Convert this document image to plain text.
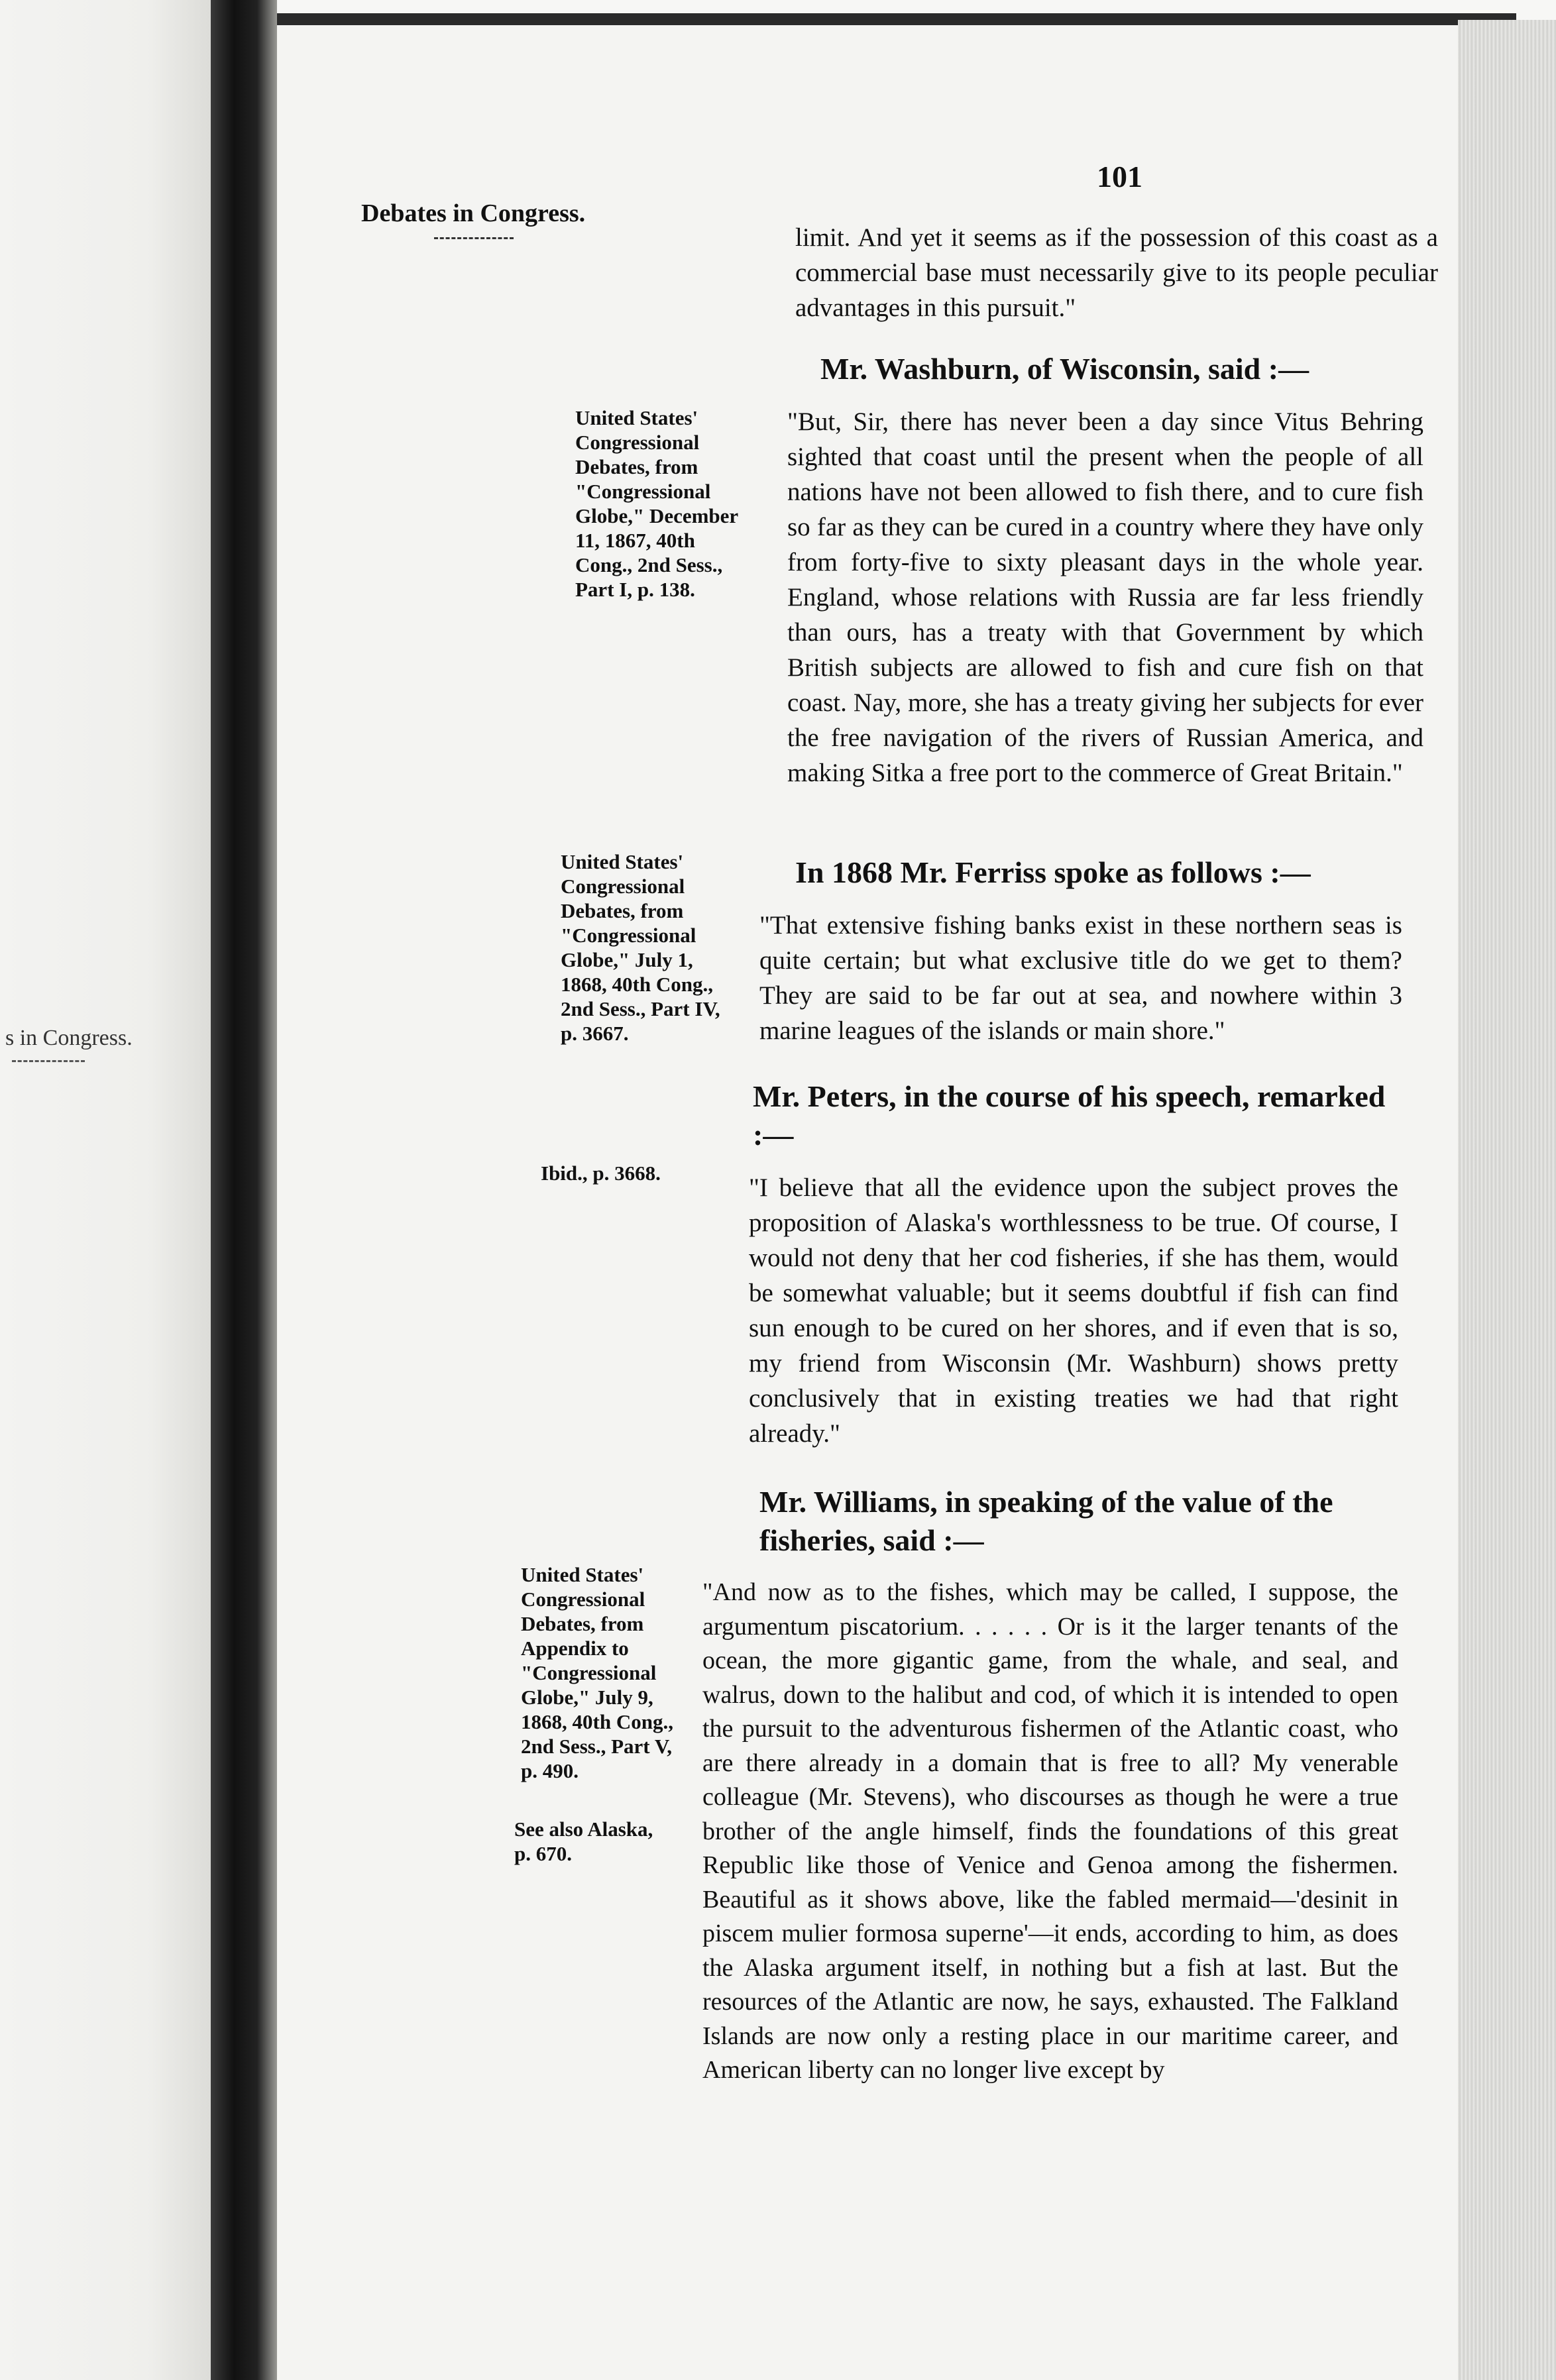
s in Congress.
Debates in Congress.
101
United States'
Congressional
Debates, from
"Congressional
Globe," December
11, 1867, 40th
Cong., 2nd Sess.,
Part I, p. 138.
United States'
Congressional
Debates, from
"Congressional
Globe," July 1,
1868, 40th Cong.,
2nd Sess., Part IV,
p. 3667.
Ibid., p. 3668.
United States'
Congressional
Debates, from
Appendix to
"Congressional
Globe," July 9,
1868, 40th Cong.,
2nd Sess., Part V,
p. 490.
See also Alaska,
p. 670.
limit. And yet it seems as if the possession of this coast as a commercial base must necessarily give to its people peculiar advantages in this pursuit."
Mr. Washburn, of Wisconsin, said :—
"But, Sir, there has never been a day since Vitus Behring sighted that coast until the present when the people of all nations have not been allowed to fish there, and to cure fish so far as they can be cured in a country where they have only from forty-five to sixty pleasant days in the whole year. England, whose relations with Russia are far less friendly than ours, has a treaty with that Government by which British subjects are allowed to fish and cure fish on that coast. Nay, more, she has a treaty giving her subjects for ever the free navigation of the rivers of Russian America, and making Sitka a free port to the commerce of Great Britain."
In 1868 Mr. Ferriss spoke as follows :—
"That extensive fishing banks exist in these northern seas is quite certain; but what exclusive title do we get to them? They are said to be far out at sea, and nowhere within 3 marine leagues of the islands or main shore."
Mr. Peters, in the course of his speech, remarked :—
"I believe that all the evidence upon the subject proves the proposition of Alaska's worthlessness to be true. Of course, I would not deny that her cod fisheries, if she has them, would be somewhat valuable; but it seems doubtful if fish can find sun enough to be cured on her shores, and if even that is so, my friend from Wisconsin (Mr. Washburn) shows pretty conclusively that in existing treaties we had that right already."
Mr. Williams, in speaking of the value of the fisheries, said :—
"And now as to the fishes, which may be called, I suppose, the argumentum piscatorium. . . . . . Or is it the larger tenants of the ocean, the more gigantic game, from the whale, and seal, and walrus, down to the halibut and cod, of which it is intended to open the pursuit to the adventurous fishermen of the Atlantic coast, who are there already in a domain that is free to all? My venerable colleague (Mr. Stevens), who discourses as though he were a true brother of the angle himself, finds the foundations of this great Republic like those of Venice and Genoa among the fishermen. Beautiful as it shows above, like the fabled mermaid—'desinit in piscem mulier formosa superne'—it ends, according to him, as does the Alaska argument itself, in nothing but a fish at last. But the resources of the Atlantic are now, he says, exhausted. The Falkland Islands are now only a resting place in our maritime career, and American liberty can no longer live except by
